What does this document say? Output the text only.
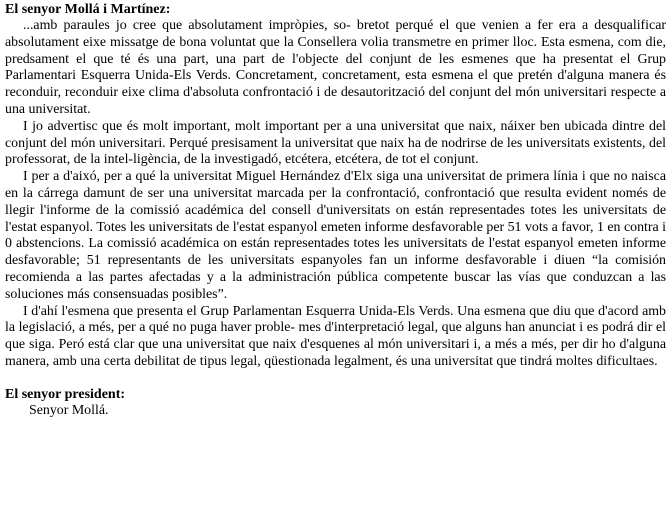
El senyor Mollá i Martínez:

...amb paraules jo cree que absolutament impròpies, so- bretot perqué el que venien a fer era a desqualificar absolutament eixe missatge de bona voluntat que la Consellera volia transmetre en primer lloc. Esta esmena, com die, predsament el que té és una part, una part de l'objecte del conjunt de les esmenes que ha presentat el Grup Parlamentari Esquerra Unida-Els Verds. Concretament, concretament, esta esmena el que pretén d'alguna manera és reconduir, reconduir eixe clima d'absoluta confrontació i de desautorització del conjunt del món universitari respecte a una universitat.

I jo advertisc que és molt important, molt important per a una universitat que naix, náixer ben ubicada dintre del conjunt del món universitari. Perqué presisament la universitat que naix ha de nodrirse de les universitats existents, del professorat, de la intel-ligència, de la investigadó, etcétera, etcétera, de tot el conjunt.

I per a d'aixó, per a qué la universitat Miguel Hernández d'Elx siga una universitat de primera línia i que no naisca en la cárrega damunt de ser una universitat marcada per la confrontació, confrontació que resulta evident només de llegir l'informe de la comissió académica del consell d'universitats on están representades totes les universitats de l'estat espanyol. Totes les universitats de l'estat espanyol emeten informe desfavorable per 51 vots a favor, 1 en contra i 0 abstencions. La comissió académica on están representades totes les universitats de l'estat espanyol emeten informe desfavorable; 51 representants de les universitats espanyoles fan un informe desfavorable i diuen “la comisión recomienda a las partes afectadas y a la administración pública competente buscar las vías que conduzcan a las soluciones más consensuadas posibles”.

I d'ahí l'esmena que presenta el Grup Parlamentan Esquerra Unida-Els Verds. Una esmena que diu que d'acord amb la legislació, a més, per a qué no puga haver proble- mes d'interpretació legal, que alguns han anunciat i es podrá dir el que siga. Peró está clar que una universitat que naix d'esquenes al món universitari i, a més a més, per dir ho d'alguna manera, amb una certa debilitat de tipus legal, qüestionada legalment, és una universitat que tindrá moltes dificultaes.

El senyor president:

Senyor Mollá.
